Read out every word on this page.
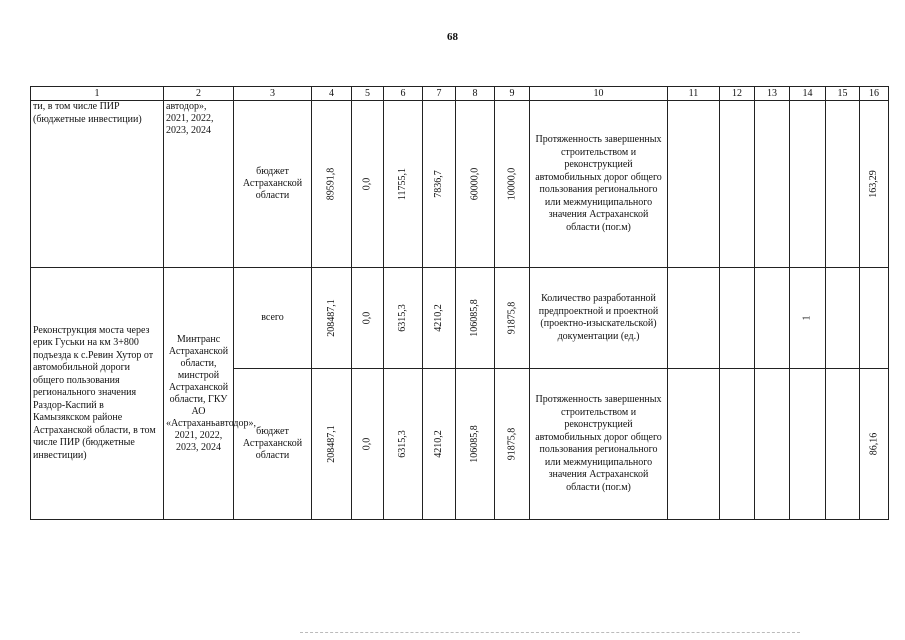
68
1	2	3	4	5	6	7	8	9	10	11	12	13	14	15	16
ти, в том числе ПИР (бюджетные инвестиции)	автодор», 2021, 2022, 2023, 2024	бюджет Астраханской области	89591,8	0,0	11755,1	7836,7	60000,0	10000,0	Протяженность завершенных строительством и реконструкцией автомобильных дорог общего пользования регионального или межмуниципального значения Астраханской области (пог.м)						163,29
Реконструкция моста через ерик Гуськи на км 3+800 подъезда к с.Ревин Хутор от автомобильной дороги общего пользования регионального значения Раздор-Каспий в Камызякском районе Астраханской области, в том числе ПИР (бюджетные инвестиции)	Минтранс Астраханской области, минстрой Астраханской области, ГКУ АО «Астраханьавтодор», 2021, 2022, 2023, 2024	всего	208487,1	0,0	6315,3	4210,2	106085,8	91875,8	Количество разработанной предпроектной и проектной (проектно-изыскательской) документации (ед.)				1		
		бюджет Астраханской области	208487,1	0,0	6315,3	4210,2	106085,8	91875,8	Протяженность завершенных строительством и реконструкцией автомобильных дорог общего пользования регионального или межмуниципального значения Астраханской области (пог.м)						86,16
